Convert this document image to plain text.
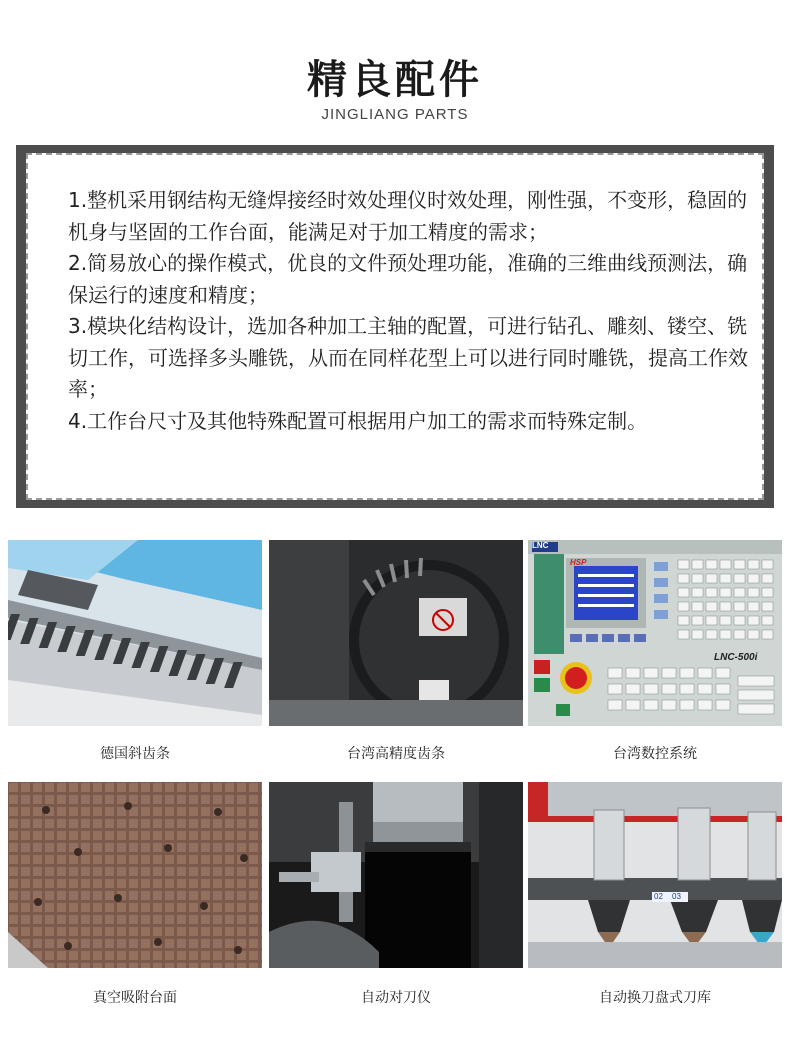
精良配件
JINGLIANG PARTS

1.整机采用钢结构无缝焊接经时效处理仪时效处理，刚性强，不变形，稳固的机身与坚固的工作台面，能满足对于加工精度的需求；

2.简易放心的操作模式，优良的文件预处理功能，准确的三维曲线预测法，确保运行的速度和精度；

3.模块化结构设计，选加各种加工主轴的配置，可进行钻孔、雕刻、镂空、铣切工作，可选择多头雕铣，从而在同样花型上可以进行同时雕铣，提高工作效率；

4.工作台尺寸及其他特殊配置可根据用户加工的需求而特殊定制。

LNC
HSP
LNC-500i
德国斜齿条	台湾高精度齿条	台湾数控系统
02 03
真空吸附台面	自动对刀仪	自动换刀盘式刀库
